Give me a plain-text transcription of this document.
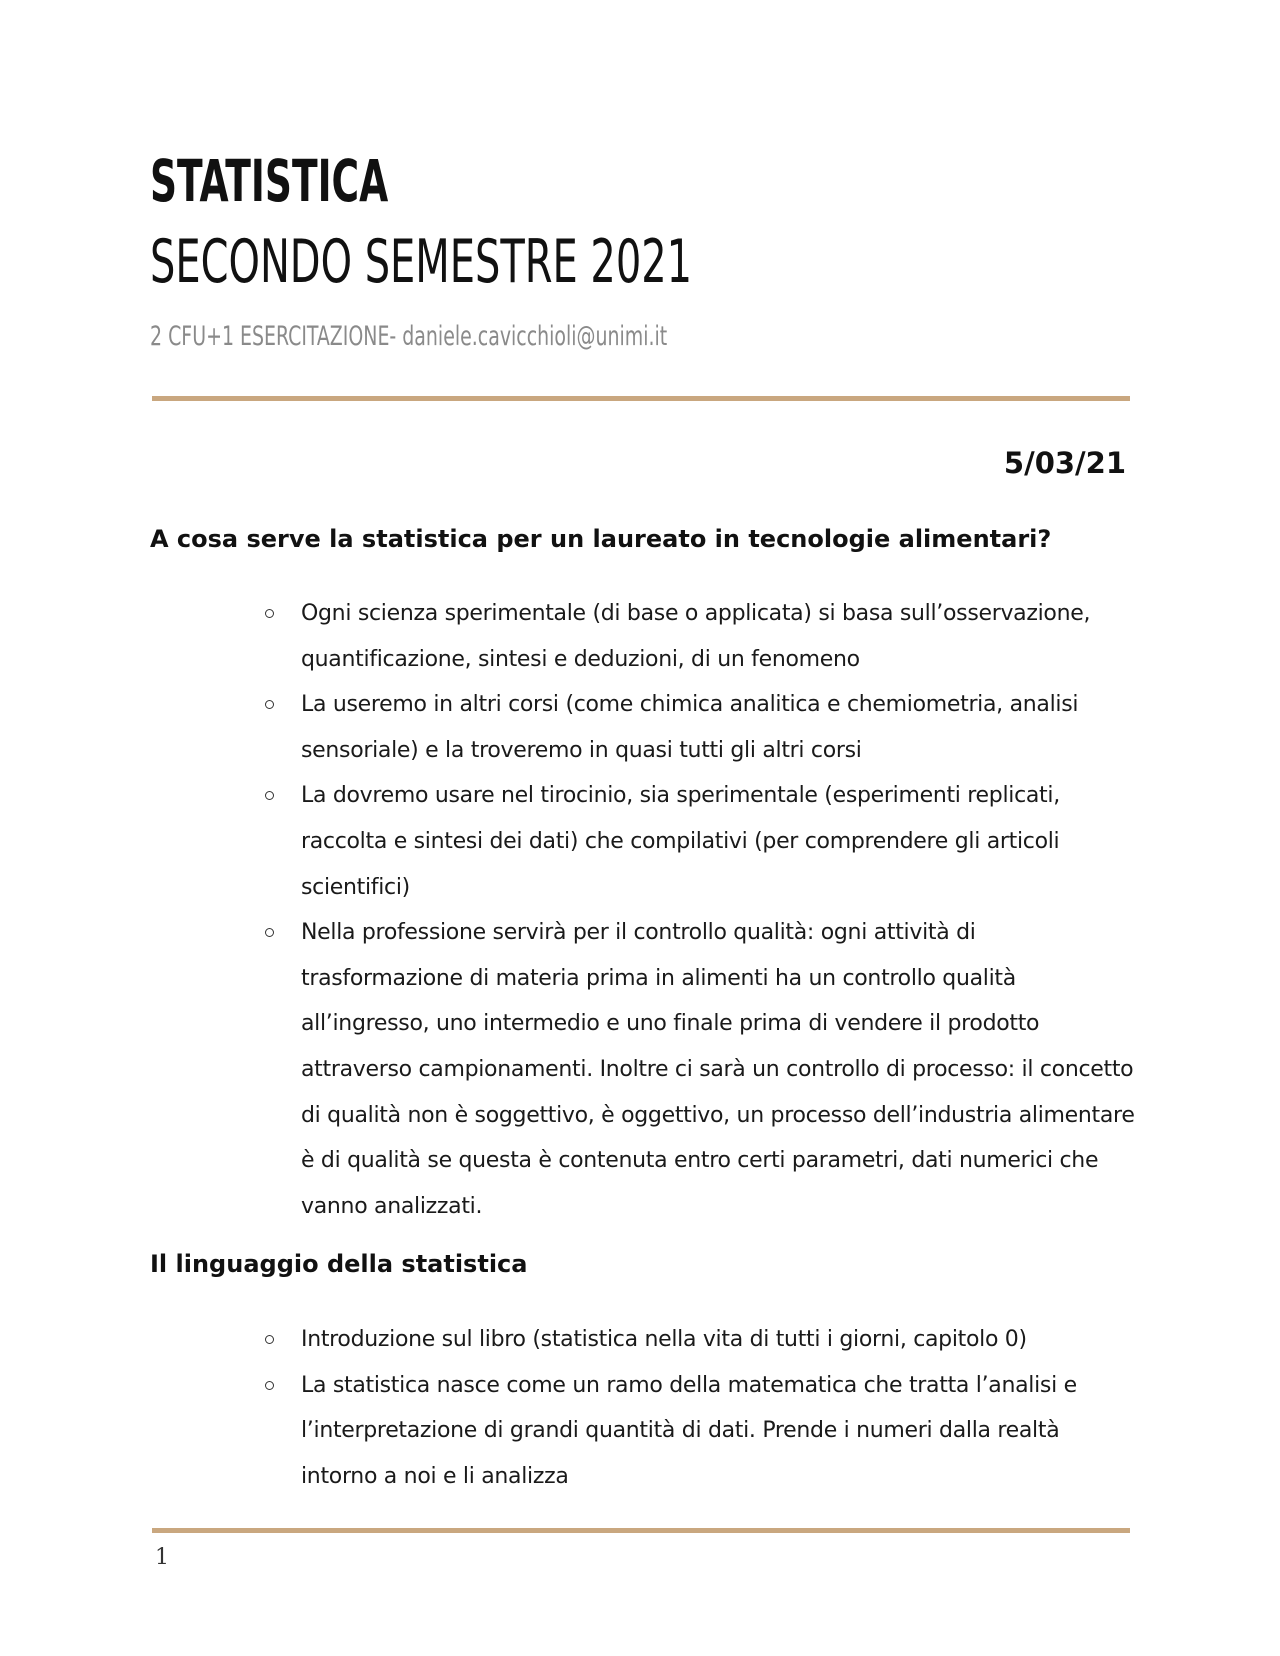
STATISTICA
SECONDO SEMESTRE 2021
2 CFU+1 ESERCITAZIONE- daniele.cavicchioli@unimi.it
5/03/21
A cosa serve la statistica per un laureato in tecnologie alimentari?
Ogni scienza sperimentale (di base o applicata) si basa sull’osservazione, quantificazione, sintesi e deduzioni, di un fenomeno
La useremo in altri corsi (come chimica analitica e chemiometria, analisi sensoriale) e la troveremo in quasi tutti gli altri corsi
La dovremo usare nel tirocinio, sia sperimentale (esperimenti replicati, raccolta e sintesi dei dati) che compilativi (per comprendere gli articoli scientifici)
Nella professione servirà per il controllo qualità: ogni attività di trasformazione di materia prima in alimenti ha un controllo qualità all’ingresso, uno intermedio e uno finale prima di vendere il prodotto attraverso campionamenti. Inoltre ci sarà un controllo di processo: il concetto di qualità non è soggettivo, è oggettivo, un processo dell’industria alimentare è di qualità se questa è contenuta entro certi parametri, dati numerici che vanno analizzati.
Il linguaggio della statistica
Introduzione sul libro (statistica nella vita di tutti i giorni, capitolo 0)
La statistica nasce come un ramo della matematica che tratta l’analisi e l’interpretazione di grandi quantità di dati. Prende i numeri dalla realtà intorno a noi e li analizza
1
